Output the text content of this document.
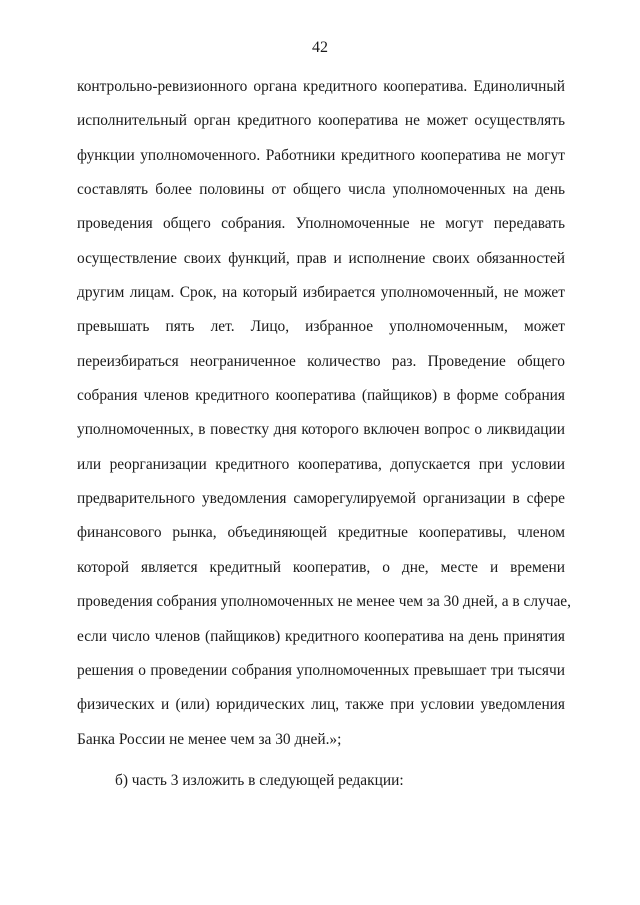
42
контрольно-ревизионного органа кредитного кооператива. Единоличный
исполнительный орган кредитного кооператива не может осуществлять
функции уполномоченного. Работники кредитного кооператива не могут
составлять более половины от общего числа уполномоченных на день
проведения общего собрания. Уполномоченные не могут передавать
осуществление своих функций, прав и исполнение своих обязанностей
другим лицам. Срок, на который избирается уполномоченный, не может
превышать пять лет. Лицо, избранное уполномоченным, может
переизбираться неограниченное количество раз. Проведение общего
собрания членов кредитного кооператива (пайщиков) в форме собрания
уполномоченных, в повестку дня которого включен вопрос о ликвидации
или реорганизации кредитного кооператива, допускается при условии
предварительного уведомления саморегулируемой организации в сфере
финансового рынка, объединяющей кредитные кооперативы, членом
которой является кредитный кооператив, о дне, месте и времени
проведения собрания уполномоченных не менее чем за 30 дней, а в случае,
если число членов (пайщиков) кредитного кооператива на день принятия
решения о проведении собрания уполномоченных превышает три тысячи
физических и (или) юридических лиц, также при условии уведомления
Банка России не менее чем за 30 дней.»;
б) часть 3 изложить в следующей редакции:
